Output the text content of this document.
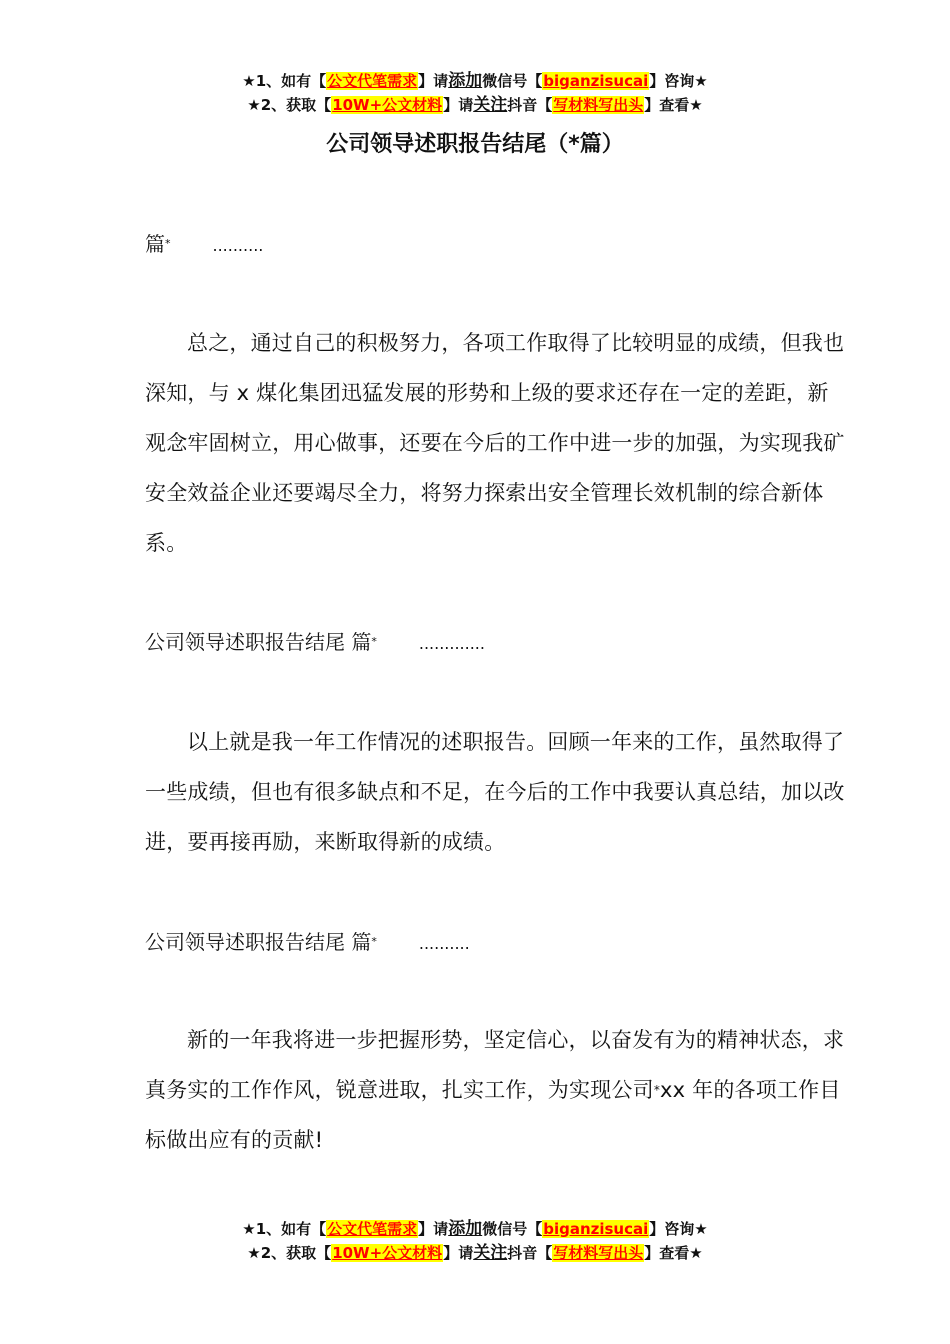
★1、如有【公文代笔需求】请添加微信号【biganzisucai】咨询★
★2、获取【10W+公文材料】请关注抖音【写材料写出头】查看★
公司领导述职报告结尾（*篇）
篇*	..........
总之，通过自己的积极努力，各项工作取得了比较明显的成绩，但我也深知，与 x 煤化集团迅猛发展的形势和上级的要求还存在一定的差距，新观念牢固树立，用心做事，还要在今后的工作中进一步的加强，为实现我矿安全效益企业还要竭尽全力，将努力探索出安全管理长效机制的综合新体系。
公司领导述职报告结尾 篇*	.............
以上就是我一年工作情况的述职报告。回顾一年来的工作，虽然取得了一些成绩，但也有很多缺点和不足，在今后的工作中我要认真总结，加以改进，要再接再励，来断取得新的成绩。
公司领导述职报告结尾 篇*	..........
新的一年我将进一步把握形势，坚定信心，以奋发有为的精神状态，求真务实的工作作风，锐意进取，扎实工作，为实现公司*xx 年的各项工作目标做出应有的贡献!
★1、如有【公文代笔需求】请添加微信号【biganzisucai】咨询★
★2、获取【10W+公文材料】请关注抖音【写材料写出头】查看★
